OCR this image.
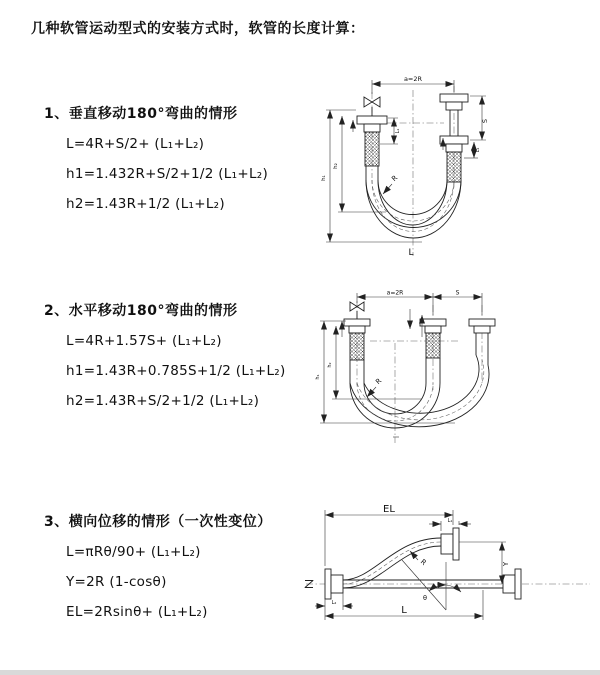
几种软管运动型式的安装方式时，软管的长度计算：
1、垂直移动180°弯曲的情形
L=4R+S/2+ (L₁+L₂)
h1=1.432R+S/2+1/2 (L₁+L₂)
h2=1.43R+1/2 (L₁+L₂)
2、水平移动180°弯曲的情形
L=4R+1.57S+ (L₁+L₂)
h1=1.43R+0.785S+1/2 (L₁+L₂)
h2=1.43R+S/2+1/2 (L₁+L₂)
3、横向位移的情形（一次性变位）
L=πRθ/90+ (L₁+L₂)
Y=2R (1-cosθ)
EL=2Rsinθ+ (L₁+L₂)
a=2R
S
L₁
L₁
h₁
h₂
R
L
a=2R	S
h₁
h₂
R
EL
L₁
Y
θ
R
L
L₂
